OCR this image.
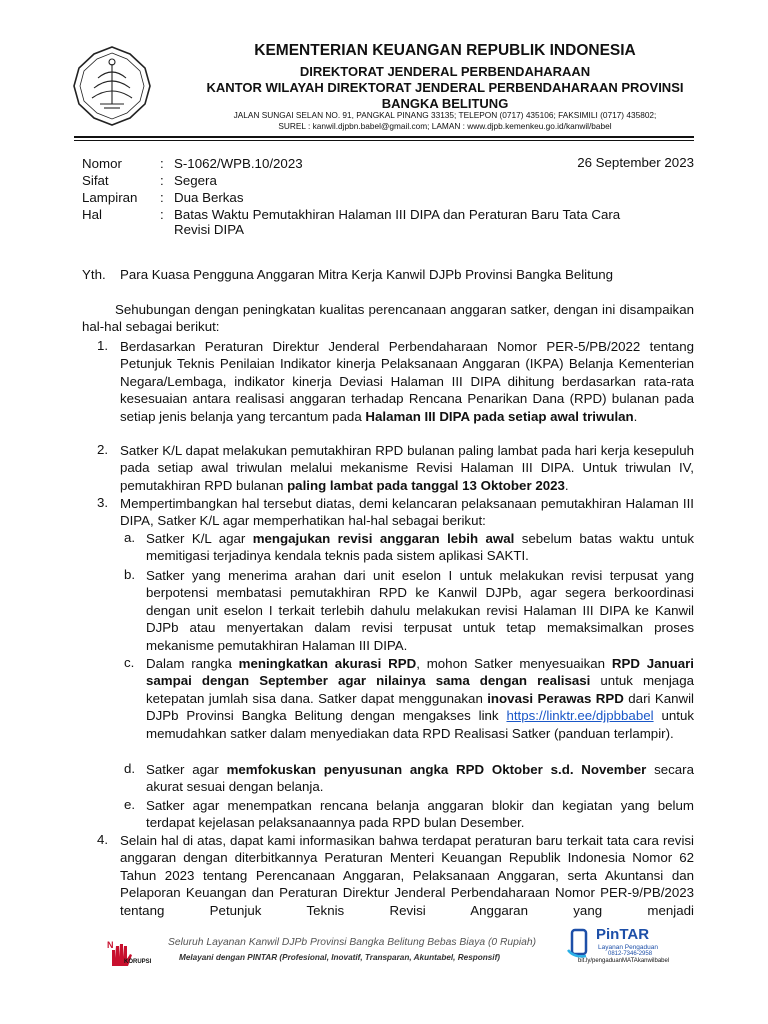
KEMENTERIAN KEUANGAN REPUBLIK INDONESIA
DIREKTORAT JENDERAL PERBENDAHARAAN
KANTOR WILAYAH DIREKTORAT JENDERAL PERBENDAHARAAN PROVINSI
BANGKA BELITUNG
JALAN SUNGAI SELAN NO. 91, PANGKAL PINANG 33135; TELEPON (0717) 435106; FAKSIMILI (0717) 435802;
SUREL : kanwil.djpbn.babel@gmail.com; LAMAN : www.djpb.kemenkeu.go.id/kanwil/babel
Nomor	: S-1062/WPB.10/2023	26 September 2023
Sifat	: Segera
Lampiran : Dua Berkas
Hal	: Batas Waktu Pemutakhiran Halaman III DIPA dan Peraturan Baru Tata Cara
Revisi DIPA
Yth. Para Kuasa Pengguna Anggaran Mitra Kerja Kanwil DJPb Provinsi Bangka Belitung
Sehubungan dengan peningkatan kualitas perencanaan anggaran satker, dengan ini disampaikan hal-hal sebagai berikut:
1. Berdasarkan Peraturan Direktur Jenderal Perbendaharaan Nomor PER-5/PB/2022 tentang Petunjuk Teknis Penilaian Indikator kinerja Pelaksanaan Anggaran (IKPA) Belanja Kementerian Negara/Lembaga, indikator kinerja Deviasi Halaman III DIPA dihitung berdasarkan rata-rata kesesuaian antara realisasi anggaran terhadap Rencana Penarikan Dana (RPD) bulanan pada setiap jenis belanja yang tercantum pada Halaman III DIPA pada setiap awal triwulan.
2. Satker K/L dapat melakukan pemutakhiran RPD bulanan paling lambat pada hari kerja kesepuluh pada setiap awal triwulan melalui mekanisme Revisi Halaman III DIPA. Untuk triwulan IV, pemutakhiran RPD bulanan paling lambat pada tanggal 13 Oktober 2023.
3. Mempertimbangkan hal tersebut diatas, demi kelancaran pelaksanaan pemutakhiran Halaman III DIPA, Satker K/L agar memperhatikan hal-hal sebagai berikut:
a. Satker K/L agar mengajukan revisi anggaran lebih awal sebelum batas waktu untuk memitigasi terjadinya kendala teknis pada sistem aplikasi SAKTI.
b. Satker yang menerima arahan dari unit eselon I untuk melakukan revisi terpusat yang berpotensi membatasi pemutakhiran RPD ke Kanwil DJPb, agar segera berkoordinasi dengan unit eselon I terkait terlebih dahulu melakukan revisi Halaman III DIPA ke Kanwil DJPb atau menyertakan dalam revisi terpusat untuk tetap memaksimalkan proses mekanisme pemutakhiran Halaman III DIPA.
c. Dalam rangka meningkatkan akurasi RPD, mohon Satker menyesuaikan RPD Januari sampai dengan September agar nilainya sama dengan realisasi untuk menjaga ketepatan jumlah sisa dana. Satker dapat menggunakan inovasi Perawas RPD dari Kanwil DJPb Provinsi Bangka Belitung dengan mengakses link https://linktr.ee/djpbbabel untuk memudahkan satker dalam menyediakan data RPD Realisasi Satker (panduan terlampir).
d. Satker agar memfokuskan penyusunan angka RPD Oktober s.d. November secara akurat sesuai dengan belanja.
e. Satker agar menempatkan rencana belanja anggaran blokir dan kegiatan yang belum terdapat kejelasan pelaksanaannya pada RPD bulan Desember.
4. Selain hal di atas, dapat kami informasikan bahwa terdapat peraturan baru terkait tata cara revisi anggaran dengan diterbitkannya Peraturan Menteri Keuangan Republik Indonesia Nomor 62 Tahun 2023 tentang Perencanaan Anggaran, Pelaksanaan Anggaran, serta Akuntansi dan Pelaporan Keuangan dan Peraturan Direktur Jenderal Perbendaharaan Nomor PER-9/PB/2023 tentang Petunjuk Teknis Revisi Anggaran yang menjadi
N
KORUPSI
Seluruh Layanan Kanwil DJPb Provinsi Bangka Belitung Bebas Biaya (0 Rupiah)
Melayani dengan PINTAR (Profesional, Inovatif, Transparan, Akuntabel, Responsif)
PinTAR
Layanan Pengaduan
0812-7346-2958
bit.ly/pengaduanMATAkanwilbabel
